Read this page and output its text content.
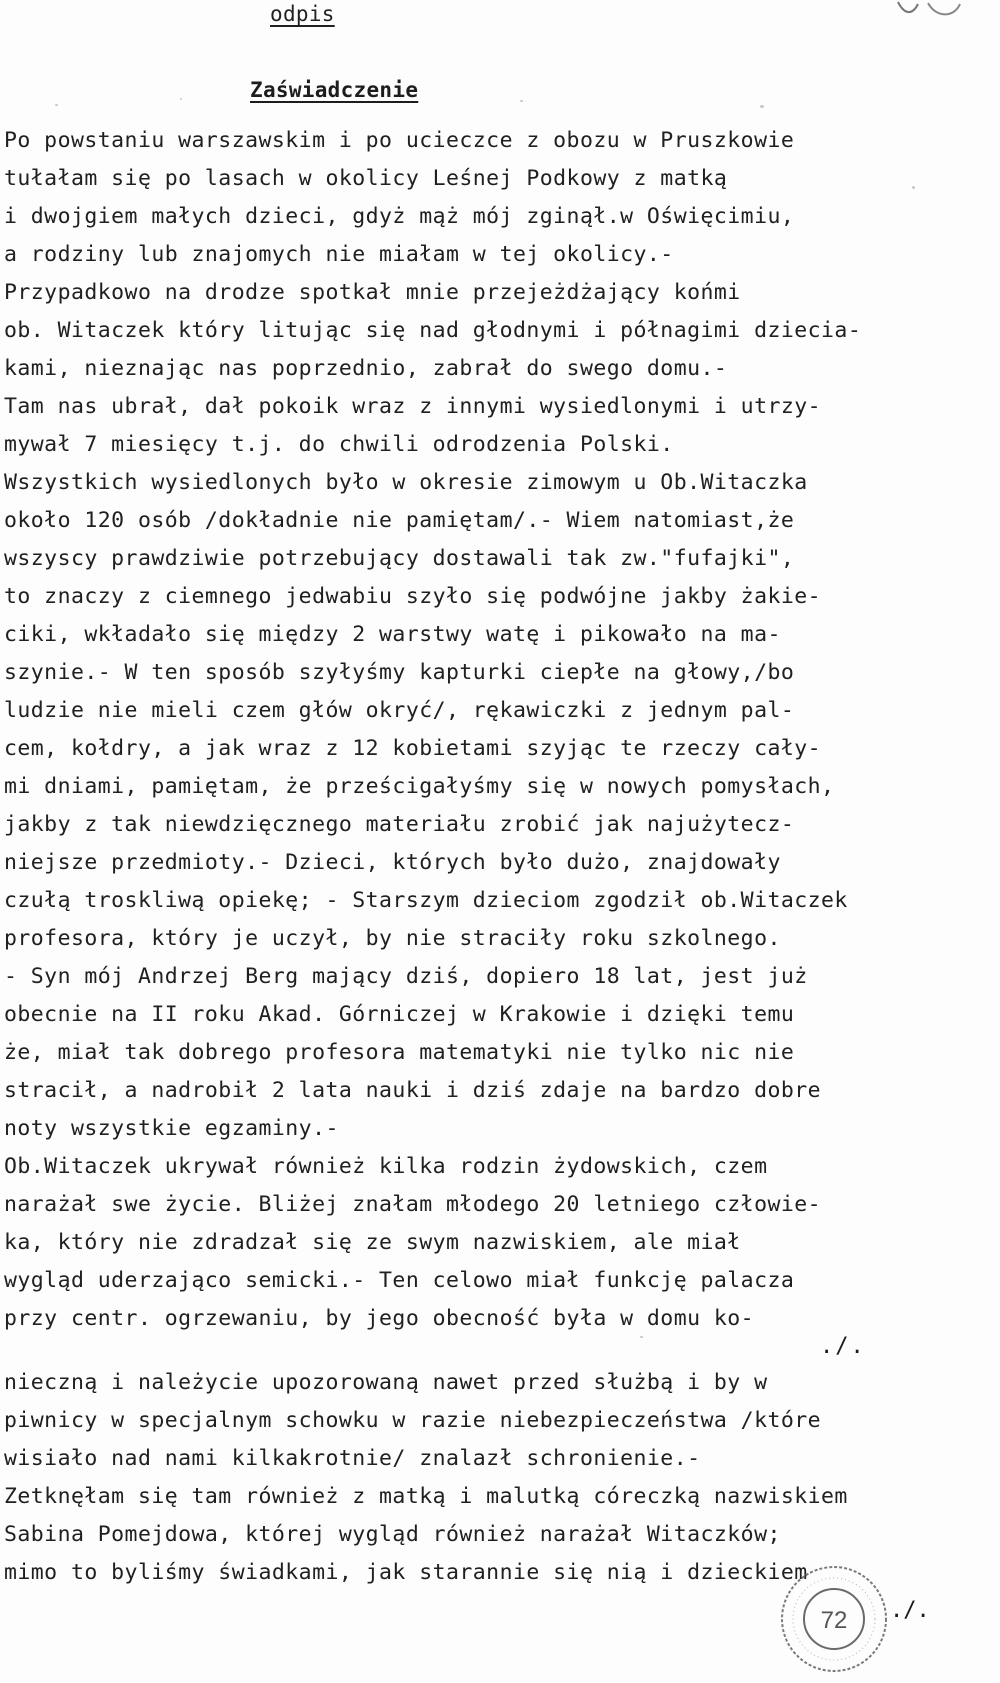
odpis
Zaświadczenie
Po powstaniu warszawskim i po ucieczce z obozu w Pruszkowie
tułałam się po lasach w okolicy Leśnej Podkowy z matką
i dwojgiem małych dzieci, gdyż mąż mój zginął.w Oświęcimiu,
a rodziny lub znajomych nie miałam w tej okolicy.-
Przypadkowo na drodze spotkał mnie przejeżdżający końmi
ob. Witaczek który litując się nad głodnymi i półnagimi dziecia-
kami, nieznając nas poprzednio, zabrał do swego domu.-
Tam nas ubrał, dał pokoik wraz z innymi wysiedlonymi i utrzy-
mywał 7 miesięcy t.j. do chwili odrodzenia Polski.
Wszystkich wysiedlonych było w okresie zimowym u Ob.Witaczka
około 120 osób /dokładnie nie pamiętam/.- Wiem natomiast,że
wszyscy prawdziwie potrzebujący dostawali tak zw."fufajki",
to znaczy z ciemnego jedwabiu szyło się podwójne jakby żakie-
ciki, wkładało się między 2 warstwy watę i pikowało na ma-
szynie.- W ten sposób szyłyśmy kapturki ciepłe na głowy,/bo
ludzie nie mieli czem głów okryć/, rękawiczki z jednym pal-
cem, kołdry, a jak wraz z 12 kobietami szyjąc te rzeczy cały-
mi dniami, pamiętam, że prześcigałyśmy się w nowych pomysłach,
jakby z tak niewdzięcznego materiału zrobić jak najużytecz-
niejsze przedmioty.- Dzieci, których było dużo, znajdowały
czułą troskliwą opiekę; - Starszym dzieciom zgodził ob.Witaczek
profesora, który je uczył, by nie straciły roku szkolnego.
- Syn mój Andrzej Berg mający dziś, dopiero 18 lat, jest już
obecnie na II roku Akad. Górniczej w Krakowie i dzięki temu
że, miał tak dobrego profesora matematyki nie tylko nic nie
stracił, a nadrobił 2 lata nauki i dziś zdaje na bardzo dobre
noty wszystkie egzaminy.-
Ob.Witaczek ukrywał również kilka rodzin żydowskich, czem
narażał swe życie. Bliżej znałam młodego 20 letniego człowie-
ka, który nie zdradzał się ze swym nazwiskiem, ale miał
wygląd uderzająco semicki.- Ten celowo miał funkcję palacza
przy centr. ogrzewaniu, by jego obecność była w domu ko-
nieczną i należycie upozorowaną nawet przed służbą i by w
piwnicy w specjalnym schowku w razie niebezpieczeństwa /które
wisiało nad nami kilkakrotnie/ znalazł schronienie.-
Zetknęłam się tam również z matką i malutką córeczką nazwiskiem
Sabina Pomejdowa, której wygląd również narażał Witaczków;
mimo to byliśmy świadkami, jak starannie się nią i dzieckiem
./.
72 ./.
